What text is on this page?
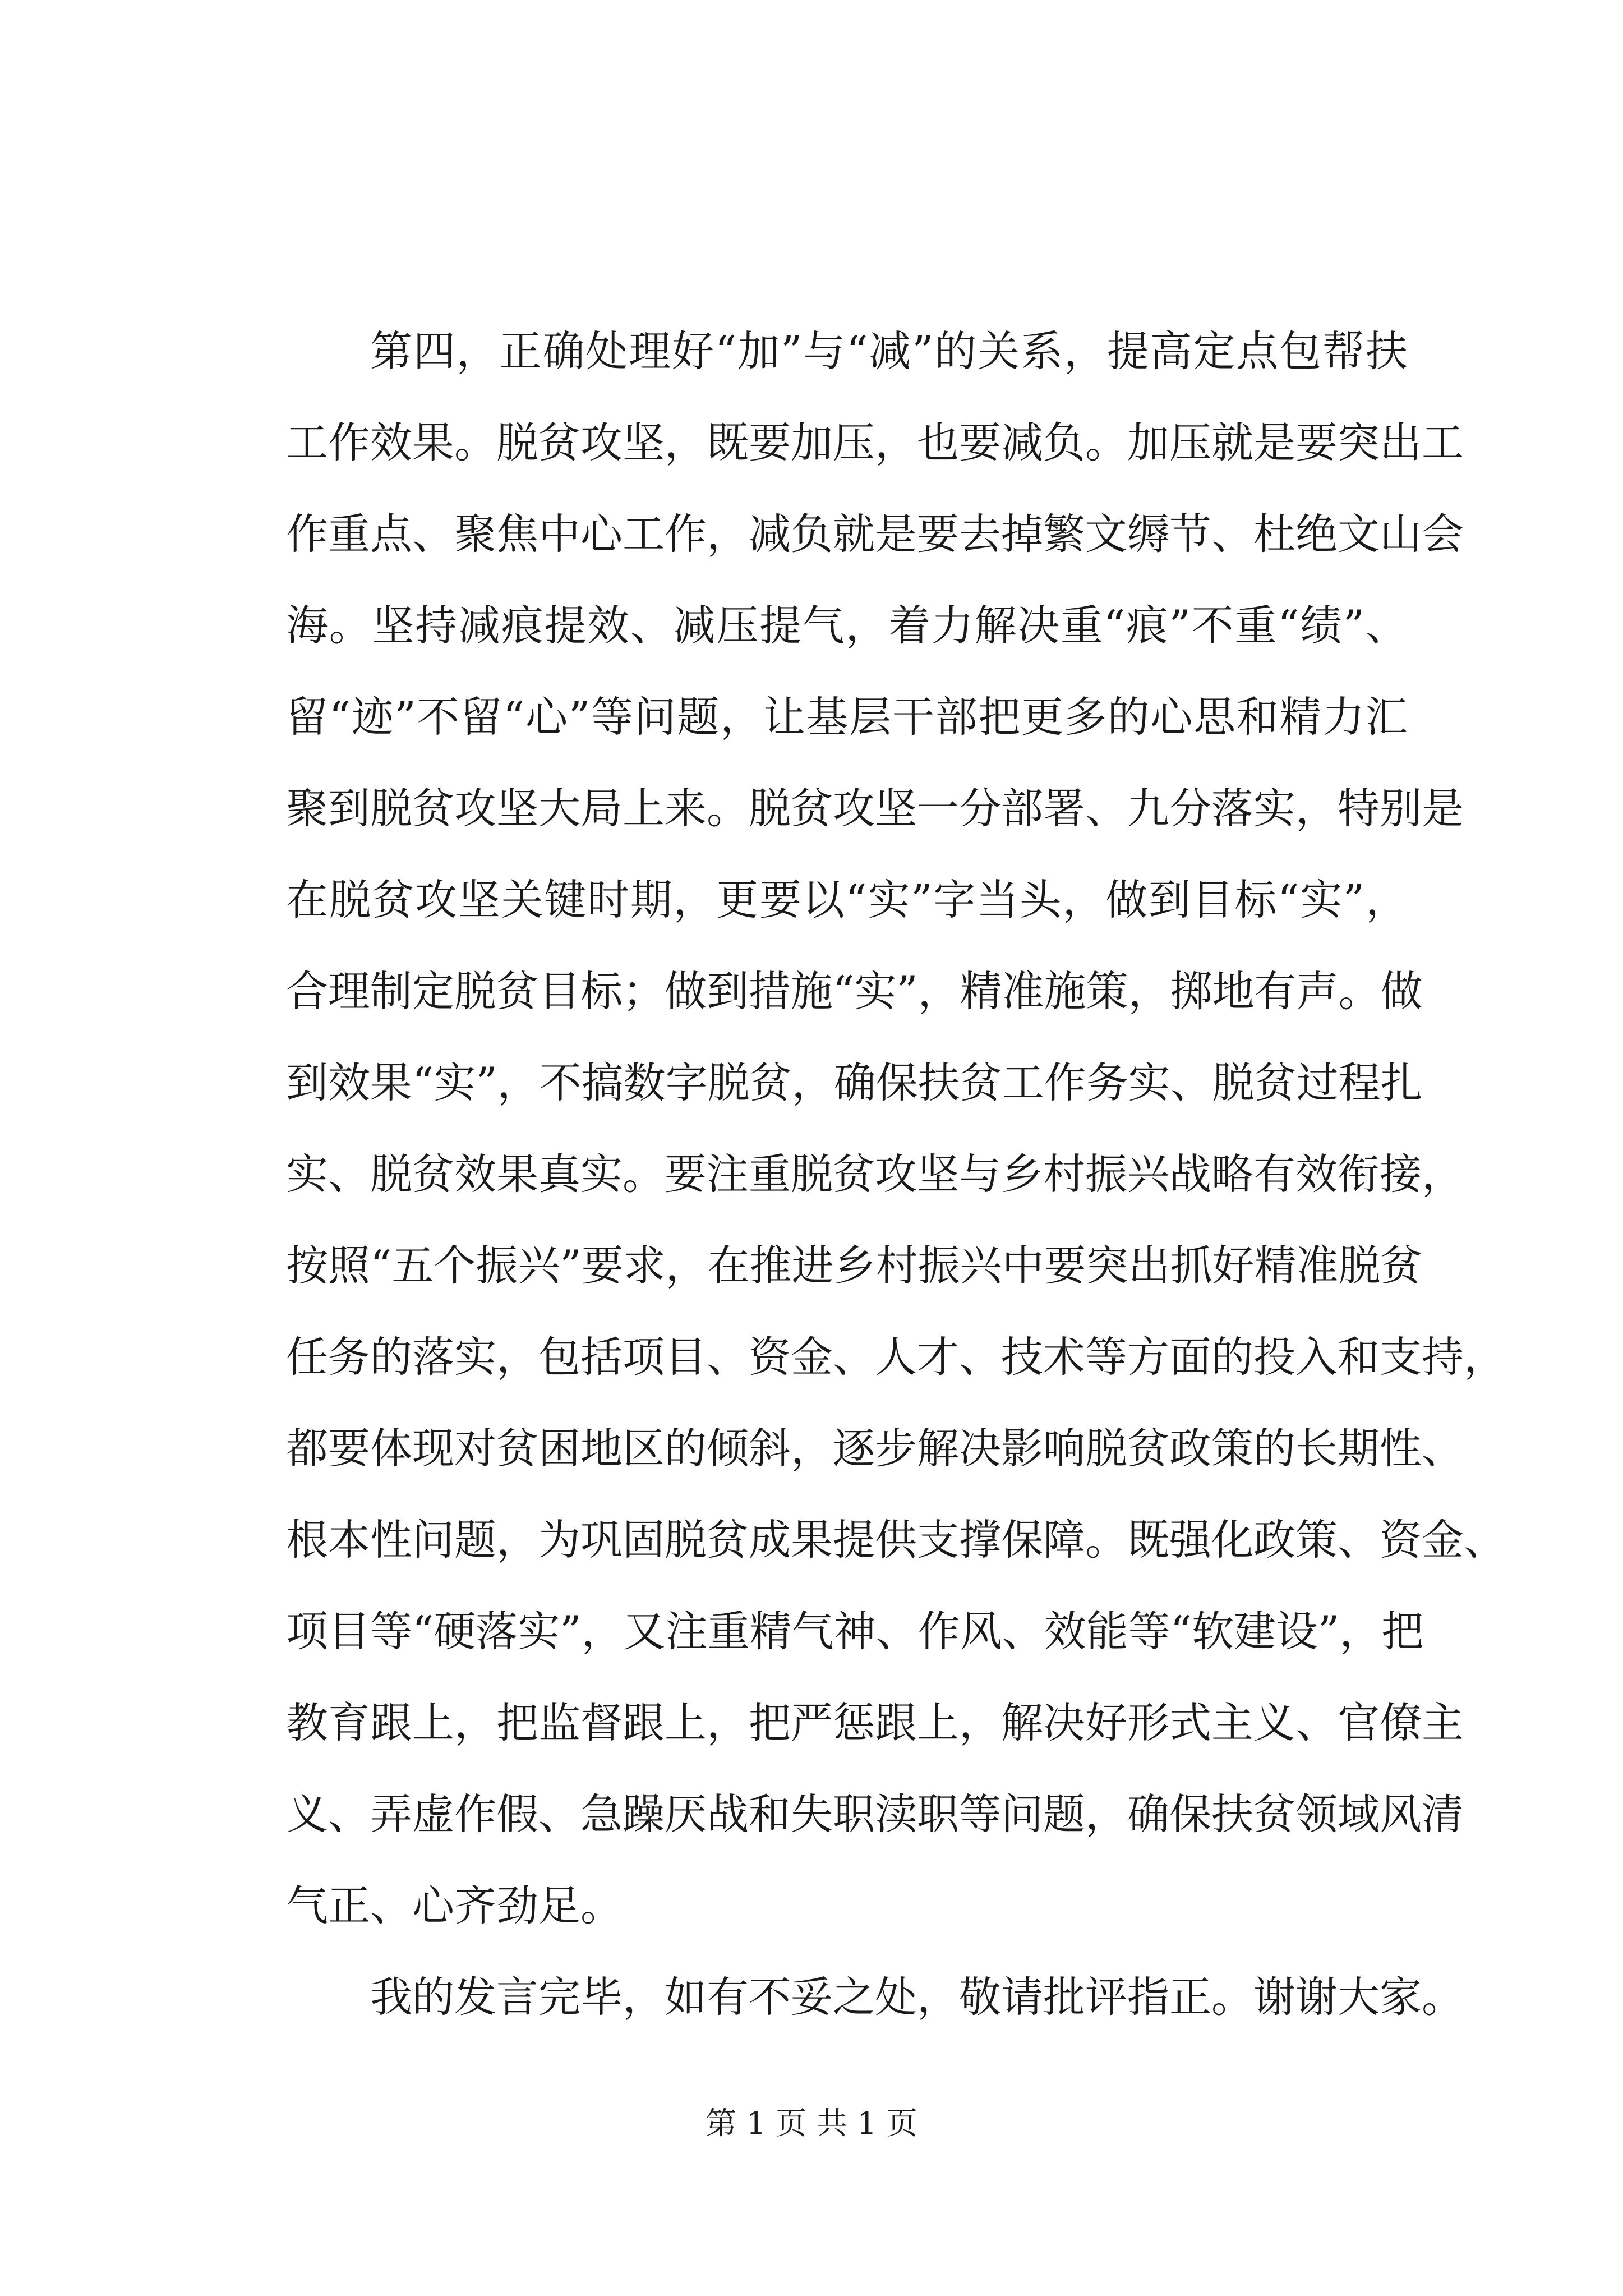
第四，正确处理好“加”与“减”的关系，提高定点包帮扶
工作效果。脱贫攻坚，既要加压，也要减负。加压就是要突出工
作重点、聚焦中心工作，减负就是要去掉繁文缛节、杜绝文山会
海。坚持减痕提效、减压提气，着力解决重“痕”不重“绩”、
留“迹”不留“心”等问题，让基层干部把更多的心思和精力汇
聚到脱贫攻坚大局上来。脱贫攻坚一分部署、九分落实，特别是
在脱贫攻坚关键时期，更要以“实”字当头，做到目标“实”，
合理制定脱贫目标；做到措施“实”，精准施策，掷地有声。做
到效果“实”，不搞数字脱贫，确保扶贫工作务实、脱贫过程扎
实、脱贫效果真实。要注重脱贫攻坚与乡村振兴战略有效衔接，
按照“五个振兴”要求，在推进乡村振兴中要突出抓好精准脱贫
任务的落实，包括项目、资金、人才、技术等方面的投入和支持，
都要体现对贫困地区的倾斜，逐步解决影响脱贫政策的长期性、
根本性问题，为巩固脱贫成果提供支撑保障。既强化政策、资金、
项目等“硬落实”，又注重精气神、作风、效能等“软建设”，把
教育跟上，把监督跟上，把严惩跟上，解决好形式主义、官僚主
义、弄虚作假、急躁厌战和失职渎职等问题，确保扶贫领域风清
气正、心齐劲足。
我的发言完毕，如有不妥之处，敬请批评指正。谢谢大家。
第 1 页 共 1 页
